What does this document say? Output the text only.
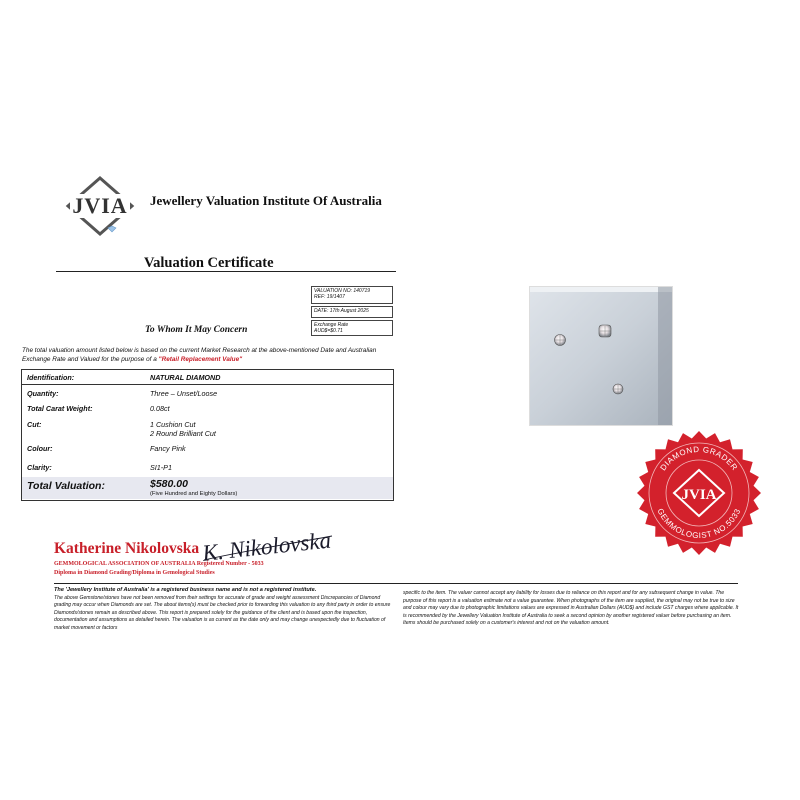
JVIA Jewellery Valuation Institute Of Australia
Valuation Certificate
VALUATION NO: 140719
REF: 19/1407
DATE: 17th August 2025
Exchange Rate
AUD$=$0.71
To Whom It May Concern
The total valuation amount listed below is based on the current Market Research at the above-mentioned Date and Australian Exchange Rate and Valued for the purpose of a "Retail Replacement Value"
Identification:	NATURAL DIAMOND
Quantity:	Three – Unset/Loose
Total Carat Weight:	0.08ct
Cut:	1 Cushion Cut
2 Round Brilliant Cut
Colour:	Fancy Pink
Clarity:	SI1-P1
Total Valuation:	$580.00
(Five Hundred and Eighty Dollars)
Katherine Nikolovska K. Nikolovska
GEMMOLOGICAL ASSOCIATION OF AUSTRALIA Registered Number - 5033
Diploma in Diamond Grading/Diploma in Gemological Studies
The 'Jewellery Institute of Australia' is a registered business name and is not a registered institute.
The above Gemstone/stones have not been removed from their settings for accurate of grade and weight assessment Discrepancies of Diamond grading may occur when Diamonds are set. The about items(s) must be checked prior to forwarding this valuation to any third party in order to ensure Diamonds/stones remain as described above. This report is prepared solely for the guidance of the client and is based upon the inspection, documentation and assumptions as detailed herein. The valuation is as current as the date only and may change unexpectedly due to fluctuation of market movement or factors
specific to the item. The valuer cannot accept any liability for losses due to reliance on this report and for any subsequent change in value. The purpose of this report is a valuation estimate not a value guarantee. When photographs of the item are supplied, the original may not be true to size and colour may vary due to photographic limitations values are expressed in Australian Dollars (AUD$) and include GST charges where applicable. It is recommended by the Jewellery Valuation Institute of Australia to seek a second opinion by another registered valuer before purchasing an item. Items should be purchased solely on a customer's interest and not on the valuation amount.
DIAMOND GRADER
GEMMOLOGIST NO.5033
JVIA
